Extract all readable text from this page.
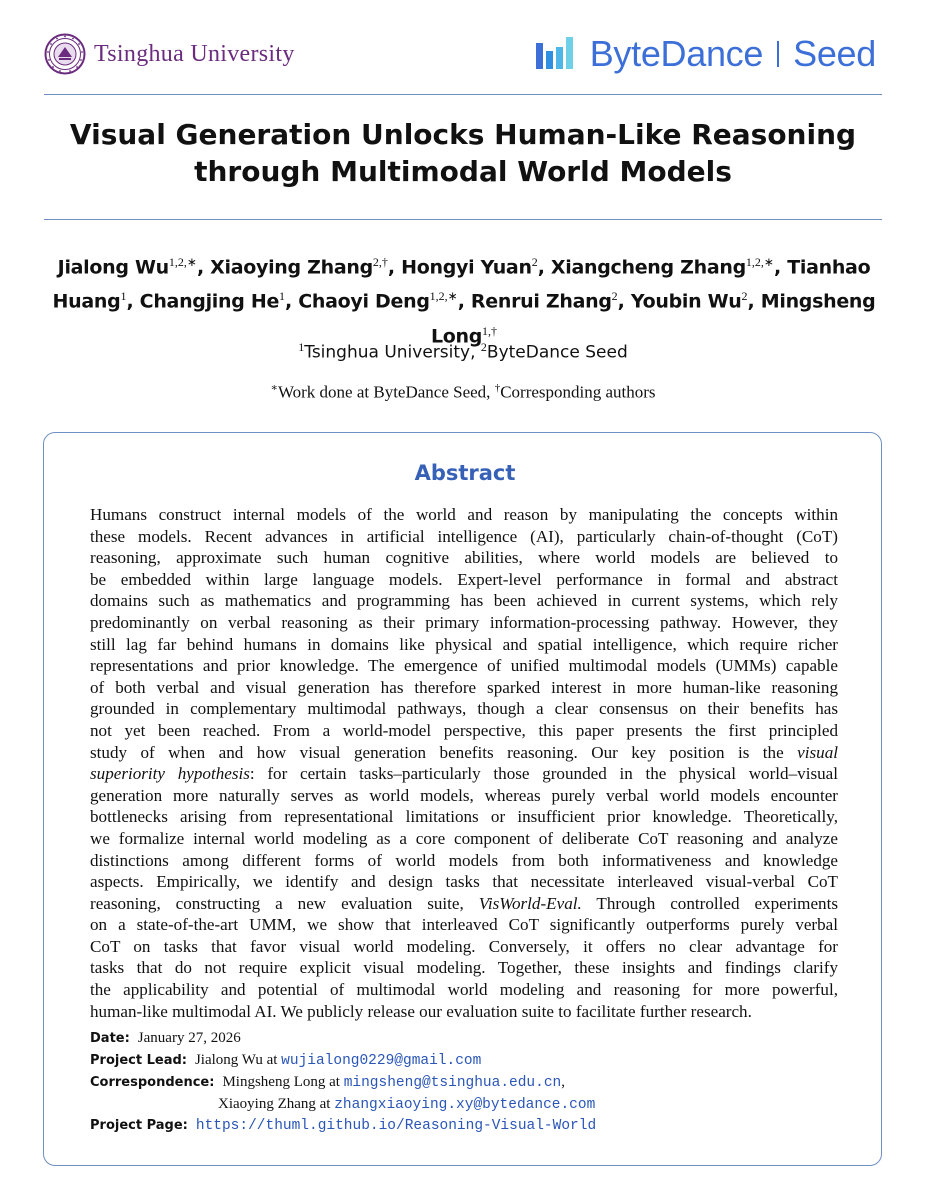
Tsinghua University	ByteDance Seed
Visual Generation Unlocks Human-Like Reasoning
through Multimodal World Models
Jialong $Wu^{1,2,∗}$, Xiaoying Zhang$^{2,\dagger}$, Hongyi Yuan$^2$, Xiangcheng Zhang$^{1,2,∗}$, Tianhao
Huang$^1$, Changjing He$^1$, Chaoyi Deng$^{1,2,∗}$, Renrui Zhang$^2$, Youbin Wu$^2$, Mingsheng
Long$^{1,\dagger}$
$^1$Tsinghua University, $^2$ByteDance Seed
∗Work done at ByteDance Seed, †Corresponding authors
Abstract
Humans construct internal models of the world and reason by manipulating the concepts within
these models. Recent advances in artificial intelligence (AI), particularly chain-of-thought (CoT)
reasoning, approximate such human cognitive abilities, where world models are believed to
be embedded within large language models. Expert-level performance in formal and abstract
domains such as mathematics and programming has been achieved in current systems, which rely
predominantly on verbal reasoning as their primary information-processing pathway. However, they
still lag far behind humans in domains like physical and spatial intelligence, which require richer
representations and prior knowledge. The emergence of unified multimodal models (UMMs) capable
of both verbal and visual generation has therefore sparked interest in more human-like reasoning
grounded in complementary multimodal pathways, though a clear consensus on their benefits has
not yet been reached. From a world-model perspective, this paper presents the first principled
study of when and how visual generation benefits reasoning. Our key position is the visual
superiority hypothesis: for certain tasks–particularly those grounded in the physical world–visual
generation more naturally serves as world models, whereas purely verbal world models encounter
bottlenecks arising from representational limitations or insufficient prior knowledge. Theoretically,
we formalize internal world modeling as a core component of deliberate CoT reasoning and analyze
distinctions among different forms of world models from both informativeness and knowledge
aspects. Empirically, we identify and design tasks that necessitate interleaved visual-verbal CoT
reasoning, constructing a new evaluation suite, VisWorld-Eval. Through controlled experiments
on a state-of-the-art UMM, we show that interleaved CoT significantly outperforms purely verbal
CoT on tasks that favor visual world modeling. Conversely, it offers no clear advantage for
tasks that do not require explicit visual modeling. Together, these insights and findings clarify
the applicability and potential of multimodal world modeling and reasoning for more powerful,
human-like multimodal AI. We publicly release our evaluation suite to facilitate further research.
Date: January 27, 2026
Project Lead: Jialong Wu at
wujialong0229@gmail.com
Correspondence: Mingsheng Long at
mingsheng@tsinghua.edu.cn ,
Xiaoying Zhang at
zhangxiaoying.xy@bytedance.com
Project Page: https://thuml.github.io/Reasoning-Visual-World
